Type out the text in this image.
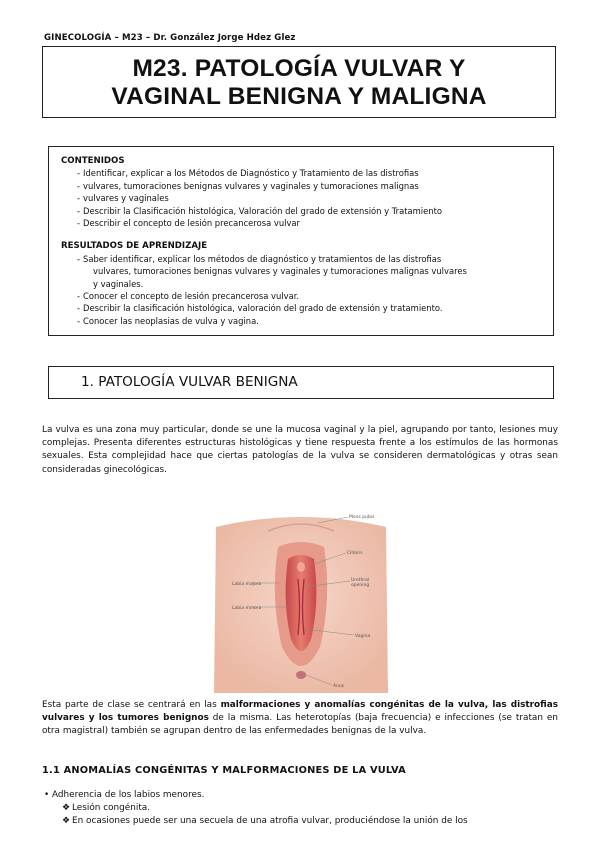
GINECOLOGÍA – M23 – Dr. González Jorge Hdez Glez
M23. PATOLOGÍA VULVAR Y
VAGINAL BENIGNA Y MALIGNA
CONTENIDOS
- Identificar, explicar a los Métodos de Diagnóstico y Tratamiento de las distrofias
- vulvares, tumoraciones benignas vulvares y vaginales y tumoraciones malignas
- vulvares y vaginales
- Describir la Clasificación histológica, Valoración del grado de extensión y Tratamiento
- Describir el concepto de lesión precancerosa vulvar
RESULTADOS DE APRENDIZAJE
- Saber identificar, explicar los métodos de diagnóstico y tratamientos de las distrofias
vulvares, tumoraciones benignas vulvares y vaginales y tumoraciones malignas vulvares
y vaginales.
- Conocer el concepto de lesión precancerosa vulvar.
- Describir la clasificación histológica, valoración del grado de extensión y tratamiento.
- Conocer las neoplasias de vulva y vagina.
1. PATOLOGÍA VULVAR BENIGNA
La vulva es una zona muy particular, donde se une la mucosa vaginal y la piel, agrupando por tanto, lesiones muy complejas. Presenta diferentes estructuras histológicas y tiene respuesta frente a los estímulos de las hormonas sexuales. Esta complejidad hace que ciertas patologías de la vulva se consideren dermatológicas y otras sean consideradas ginecológicas.
Mons pubis
Clitoris
Labia majora
Urethral
opening
Labia minora
Vagina
Anus
Esta parte de clase se centrará en las malformaciones y anomalías congénitas de la vulva, las distrofias vulvares y los tumores benignos de la misma. Las heterotopías (baja frecuencia) e infecciones (se tratan en otra magistral) también se agrupan dentro de las enfermedades benignas de la vulva.
1.1 ANOMALÍAS CONGÉNITAS Y MALFORMACIONES DE LA VULVA
• Adherencia de los labios menores.
❖ Lesión congénita.
❖ En ocasiones puede ser una secuela de una atrofia vulvar, produciéndose la unión de los
